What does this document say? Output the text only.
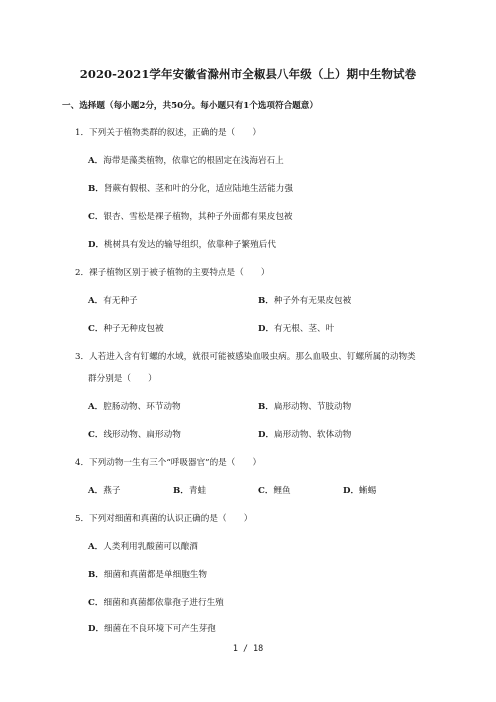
2020-2021学年安徽省滁州市全椒县八年级（上）期中生物试卷
一、选择题（每小题2分，共50分。每小题只有1个选项符合题意）
1．下列关于植物类群的叙述，正确的是（　　）
A．海带是藻类植物，依靠它的根固定在浅海岩石上
B．肾蕨有假根、茎和叶的分化，适应陆地生活能力强
C．银杏、雪松是裸子植物，其种子外面都有果皮包被
D．桃树具有发达的输导组织，依靠种子繁殖后代
2．裸子植物区别于被子植物的主要特点是（　　）
A．有无种子	B．种子外有无果皮包被
C．种子无种皮包被	D．有无根、茎、叶
3．人若进入含有钉螺的水域，就很可能被感染血吸虫病。那么血吸虫、钉螺所属的动物类
群分别是（　　）
A．腔肠动物、环节动物	B．扁形动物、节肢动物
C．线形动物、扁形动物	D．扁形动物、软体动物
4．下列动物一生有三个“呼吸器官”的是（　　）
A．燕子	B．青蛙	C．鲤鱼	D．蜥蜴
5．下列对细菌和真菌的认识正确的是（　　）
A．人类利用乳酸菌可以酿酒
B．细菌和真菌都是单细胞生物
C．细菌和真菌都依靠孢子进行生殖
D．细菌在不良环境下可产生芽孢
1 / 18
